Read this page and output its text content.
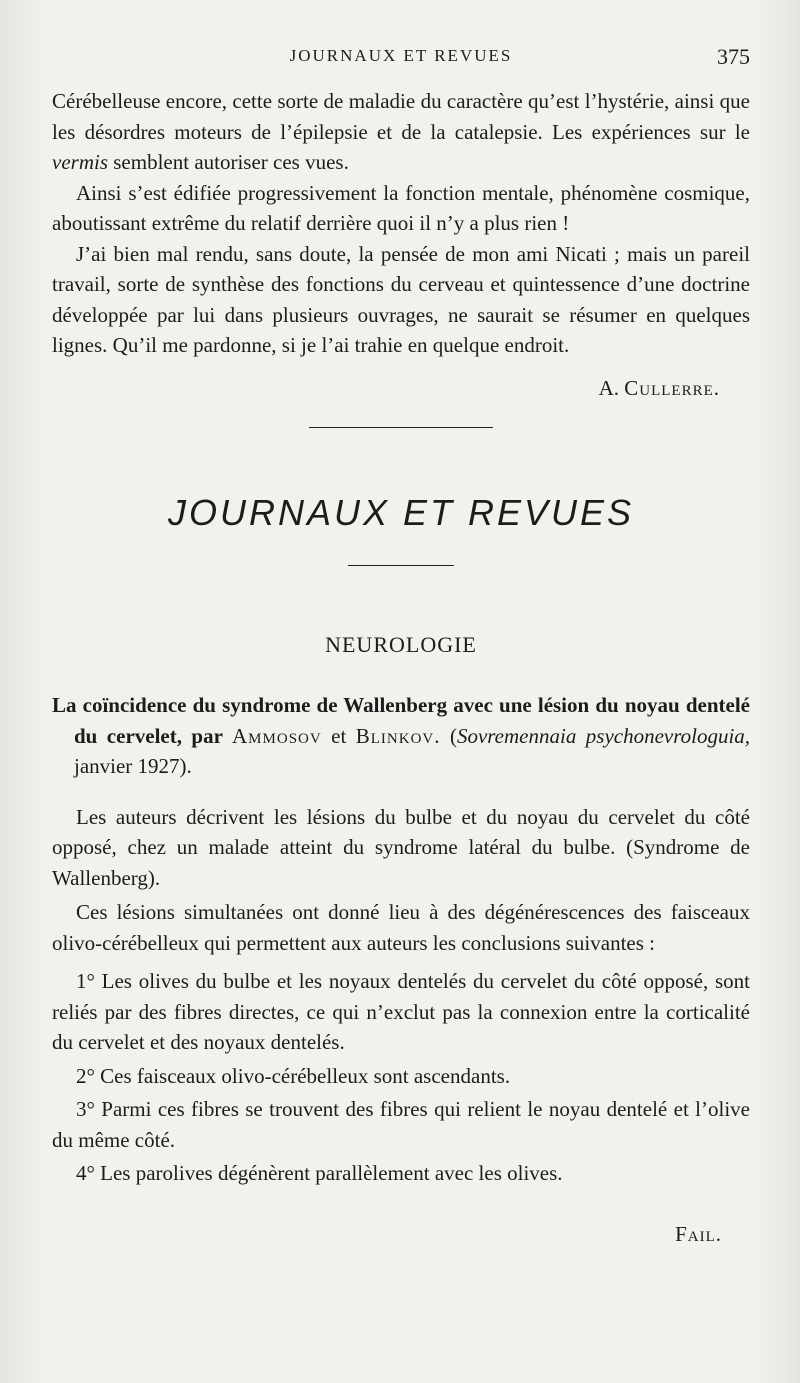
JOURNAUX ET REVUES	375

Cérébelleuse encore, cette sorte de maladie du caractère qu’est l’hystérie, ainsi que les désordres moteurs de l’épilepsie et de la catalepsie. Les expériences sur le vermis semblent autoriser ces vues.

Ainsi s’est édifiée progressivement la fonction mentale, phénomène cosmique, aboutissant extrême du relatif derrière quoi il n’y a plus rien !

J’ai bien mal rendu, sans doute, la pensée de mon ami Nicati ; mais un pareil travail, sorte de synthèse des fonctions du cerveau et quintessence d’une doctrine développée par lui dans plusieurs ouvrages, ne saurait se résumer en quelques lignes. Qu’il me pardonne, si je l’ai trahie en quelque endroit.

A. Cullerre.

JOURNAUX ET REVUES
NEUROLOGIE

La coïncidence du syndrome de Wallenberg avec une lésion du noyau dentelé du cervelet, par Ammosov et Blinkov. (Sovremennaia psychonevrologuia, janvier 1927).

Les auteurs décrivent les lésions du bulbe et du noyau du cervelet du côté opposé, chez un malade atteint du syndrome latéral du bulbe. (Syndrome de Wallenberg).

Ces lésions simultanées ont donné lieu à des dégénérescences des faisceaux olivo-cérébelleux qui permettent aux auteurs les conclusions suivantes :

1° Les olives du bulbe et les noyaux dentelés du cervelet du côté opposé, sont reliés par des fibres directes, ce qui n’exclut pas la connexion entre la corticalité du cervelet et des noyaux dentelés.

2° Ces faisceaux olivo-cérébelleux sont ascendants.

3° Parmi ces fibres se trouvent des fibres qui relient le noyau dentelé et l’olive du même côté.

4° Les parolives dégénèrent parallèlement avec les olives.

Fail.
